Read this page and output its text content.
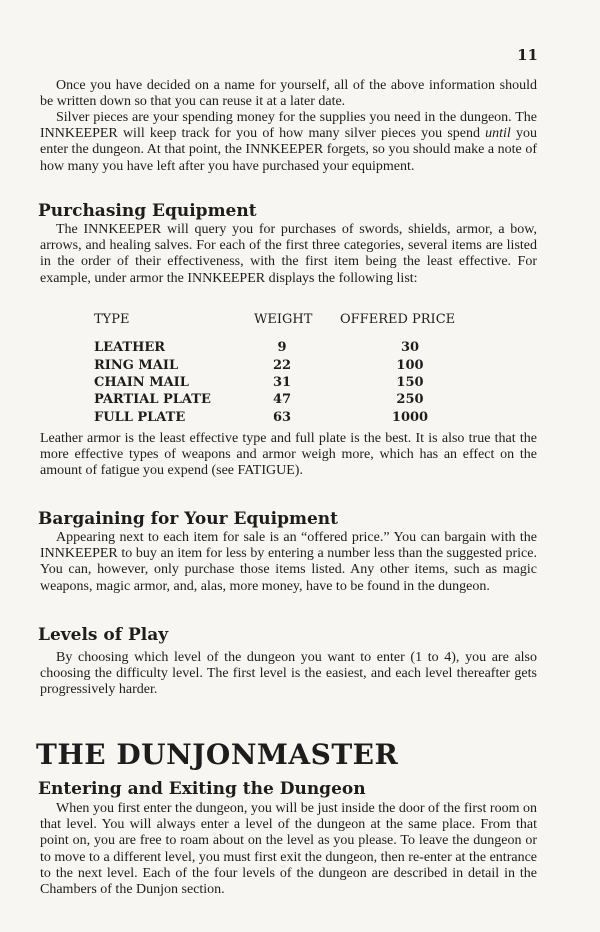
11

Once you have decided on a name for yourself, all of the above information should be written down so that you can reuse it at a later date.

Silver pieces are your spending money for the supplies you need in the dungeon. The INNKEEPER will keep track for you of how many silver pieces you spend until you enter the dungeon. At that point, the INNKEEPER forgets, so you should make a note of how many you have left after you have purchased your equipment.

Purchasing Equipment

The INNKEEPER will query you for purchases of swords, shields, armor, a bow, arrows, and healing salves. For each of the first three categories, several items are listed in the order of their effectiveness, with the first item being the least effective. For example, under armor the INNKEEPER displays the following list:

TYPE	WEIGHT	OFFERED PRICE
LEATHER	9	30
RING MAIL	22	100
CHAIN MAIL	31	150
PARTIAL PLATE	47	250
FULL PLATE	63	1000

Leather armor is the least effective type and full plate is the best. It is also true that the more effective types of weapons and armor weigh more, which has an effect on the amount of fatigue you expend (see FATIGUE).

Bargaining for Your Equipment

Appearing next to each item for sale is an “offered price.” You can bargain with the INNKEEPER to buy an item for less by entering a number less than the suggested price. You can, however, only purchase those items listed. Any other items, such as magic weapons, magic armor, and, alas, more money, have to be found in the dungeon.

Levels of Play

By choosing which level of the dungeon you want to enter (1 to 4), you are also choosing the difficulty level. The first level is the easiest, and each level thereafter gets progressively harder.

THE DUNJONMASTER
Entering and Exiting the Dungeon

When you first enter the dungeon, you will be just inside the door of the first room on that level. You will always enter a level of the dungeon at the same place. From that point on, you are free to roam about on the level as you please. To leave the dungeon or to move to a different level, you must first exit the dungeon, then re-enter at the entrance to the next level. Each of the four levels of the dungeon are described in detail in the Chambers of the Dunjon section.
